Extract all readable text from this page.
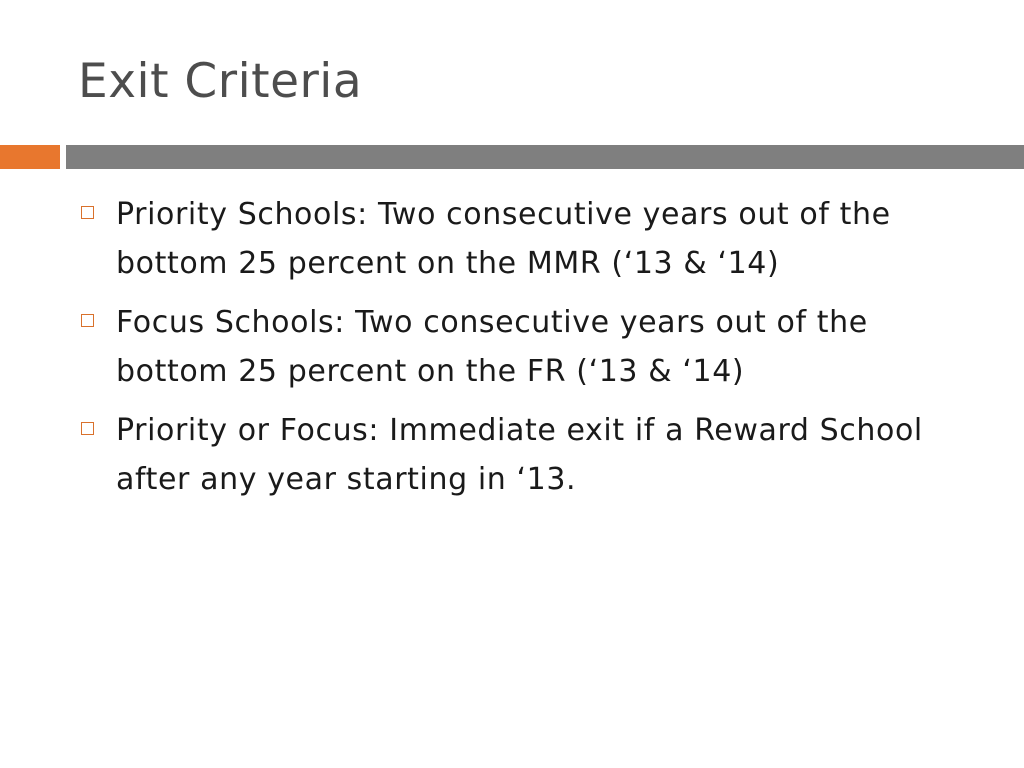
Exit Criteria
Priority Schools: Two consecutive years out of the bottom 25 percent on the MMR (‘13 & ‘14)
Focus Schools: Two consecutive years out of the bottom 25 percent on the FR (‘13 & ‘14)
Priority or Focus: Immediate exit if a Reward School after any year starting in ‘13.
